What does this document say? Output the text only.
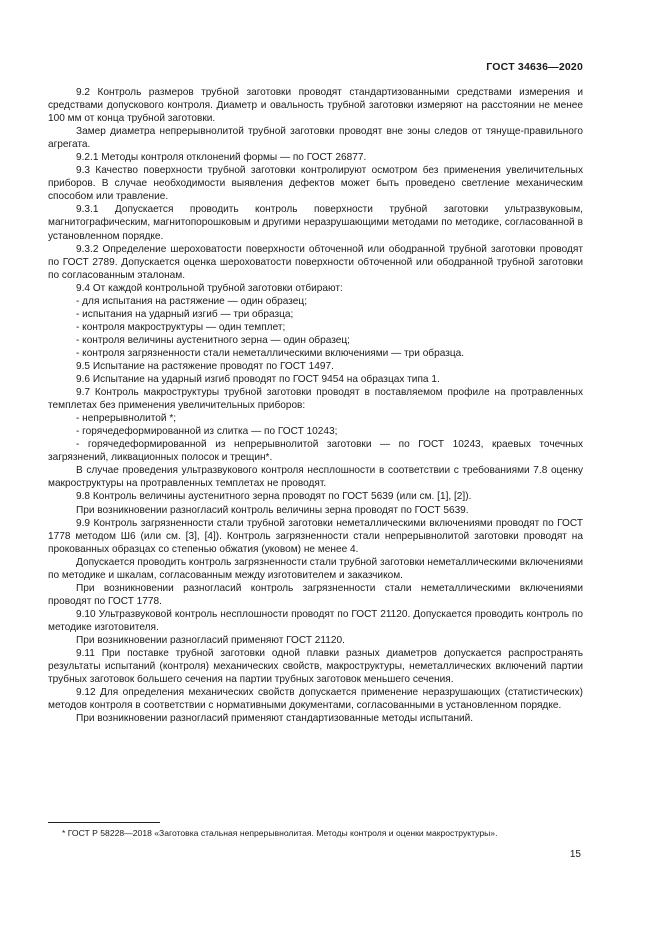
ГОСТ 34636—2020

9.2 Контроль размеров трубной заготовки проводят стандартизованными средствами измерения и средствами допускового контроля. Диаметр и овальность трубной заготовки измеряют на расстоянии не менее 100 мм от конца трубной заготовки.

Замер диаметра непрерывнолитой трубной заготовки проводят вне зоны следов от тянуще-правильного агрегата.

9.2.1 Методы контроля отклонений формы — по ГОСТ 26877.

9.3 Качество поверхности трубной заготовки контролируют осмотром без применения увеличительных приборов. В случае необходимости выявления дефектов может быть проведено светление механическим способом или травление.

9.3.1 Допускается проводить контроль поверхности трубной заготовки ультразвуковым, магнитографическим, магнитопорошковым и другими неразрушающими методами по методике, согласованной в установленном порядке.

9.3.2 Определение шероховатости поверхности обточенной или ободранной трубной заготовки проводят по ГОСТ 2789. Допускается оценка шероховатости поверхности обточенной или ободранной трубной заготовки по согласованным эталонам.

9.4 От каждой контрольной трубной заготовки отбирают:

- для испытания на растяжение — один образец;

- испытания на ударный изгиб — три образца;

- контроля макроструктуры — один темплет;

- контроля величины аустенитного зерна — один образец;

- контроля загрязненности стали неметаллическими включениями — три образца.

9.5 Испытание на растяжение проводят по ГОСТ 1497.

9.6 Испытание на ударный изгиб проводят по ГОСТ 9454 на образцах типа 1.

9.7 Контроль макроструктуры трубной заготовки проводят в поставляемом профиле на протравленных темплетах без применения увеличительных приборов:

- непрерывнолитой *;

- горячедеформированной из слитка — по ГОСТ 10243;

- горячедеформированной из непрерывнолитой заготовки — по ГОСТ 10243, краевых точечных загрязнений, ликвационных полосок и трещин*.

В случае проведения ультразвукового контроля несплошности в соответствии с требованиями 7.8 оценку макроструктуры на протравленных темплетах не проводят.

9.8 Контроль величины аустенитного зерна проводят по ГОСТ 5639 (или см. [1], [2]).

При возникновении разногласий контроль величины зерна проводят по ГОСТ 5639.

9.9 Контроль загрязненности стали трубной заготовки неметаллическими включениями проводят по ГОСТ 1778 методом Ш6 (или см. [3], [4]). Контроль загрязненности стали непрерывнолитой заготовки проводят на прокованных образцах со степенью обжатия (уковом) не менее 4.

Допускается проводить контроль загрязненности стали трубной заготовки неметаллическими включениями по методике и шкалам, согласованным между изготовителем и заказчиком.

При возникновении разногласий контроль загрязненности стали неметаллическими включениями проводят по ГОСТ 1778.

9.10 Ультразвуковой контроль несплошности проводят по ГОСТ 21120. Допускается проводить контроль по методике изготовителя.

При возникновении разногласий применяют ГОСТ 21120.

9.11 При поставке трубной заготовки одной плавки разных диаметров допускается распространять результаты испытаний (контроля) механических свойств, макроструктуры, неметаллических включений партии трубных заготовок большего сечения на партии трубных заготовок меньшего сечения.

9.12 Для определения механических свойств допускается применение неразрушающих (статистических) методов контроля в соответствии с нормативными документами, согласованными в установленном порядке.

При возникновении разногласий применяют стандартизованные методы испытаний.

* ГОСТ Р 58228—2018 «Заготовка стальная непрерывнолитая. Методы контроля и оценки макроструктуры».
15
